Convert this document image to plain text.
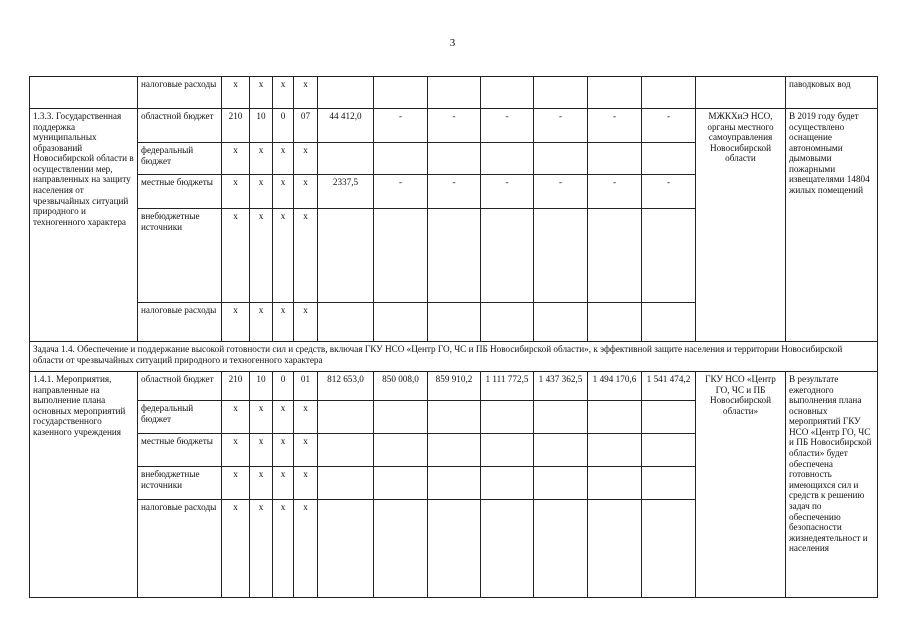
3
	налоговые расходы	х	х	х	х									паводковых вод
1.3.3. Государственная поддержка муниципальных образований Новосибирской области в осуществлении мер, направленных на защиту населения от чрезвычайных ситуаций природного и техногенного характера	областной бюджет	210	10	0	07	44 412,0	-	-	-	-	-	-	МЖКХиЭ НСО, органы местного самоуправления Новосибирской области	В 2019 году будет осуществлено оснащение автономными дымовыми пожарными извещателями 14804 жилых помещений
	федеральный бюджет	х	х	х	х									
	местные бюджеты	х	х	х	х	2337,5	-	-	-	-	-	-		
	внебюджетные источники	х	х	х	х									
	налоговые расходы	х	х	х	х									
Задача 1.4. Обеспечение и поддержание высокой готовности сил и средств, включая ГКУ НСО «Центр ГО, ЧС и ПБ Новосибирской области», к эффективной защите населения и территории Новосибирской области от чрезвычайных ситуаций природного и техногенного характера														
1.4.1. Мероприятия, направленные на выполнение плана основных мероприятий государственного казенного учреждения	областной бюджет	210	10	0	01	812 653,0	850 008,0	859 910,2	1 111 772,5	1 437 362,5	1 494 170,6	1 541 474,2	ГКУ НСО «Центр ГО, ЧС и ПБ Новосибирской области»	В результате ежегодного выполнения плана основных мероприятий ГКУ НСО «Центр ГО, ЧС и ПБ Новосибирской области» будет обеспечена готовность имеющихся сил и средств к решению задач по обеспечению безопасности жизнедеятельност и населения
	федеральный бюджет	х	х	х	х									
	местные бюджеты	х	х	х	х									
	внебюджетные источники	х	х	х	х									
	налоговые расходы	х	х	х	х									
